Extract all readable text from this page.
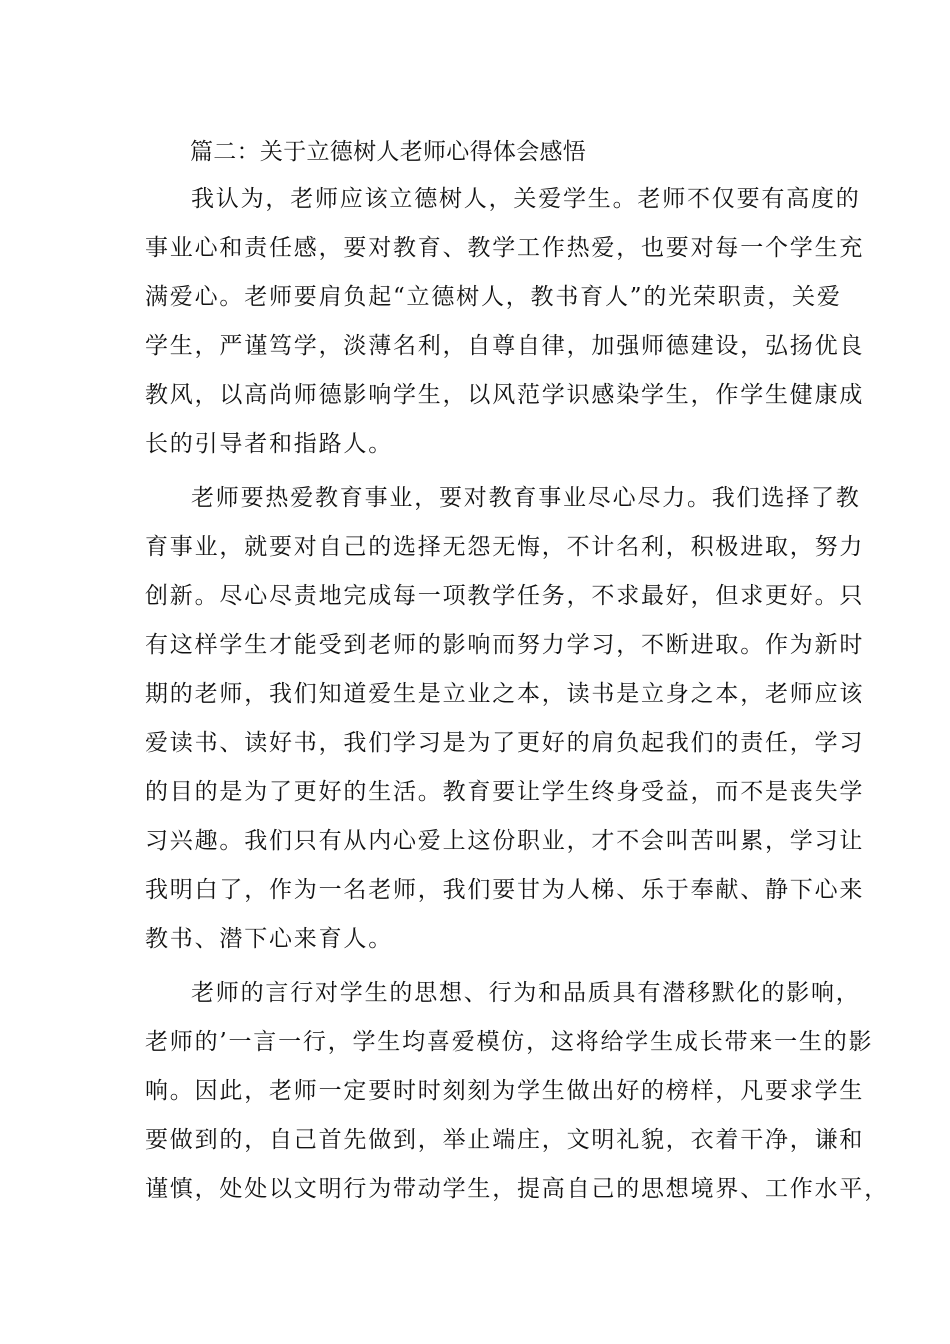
篇二：关于立德树人老师心得体会感悟
我认为，老师应该立德树人，关爱学生。老师不仅要有高度的
事业心和责任感，要对教育、教学工作热爱，也要对每一个学生充
满爱心。老师要肩负起“立德树人，教书育人”的光荣职责，关爱
学生，严谨笃学，淡薄名利，自尊自律，加强师德建设，弘扬优良
教风，以高尚师德影响学生，以风范学识感染学生，作学生健康成
长的引导者和指路人。
老师要热爱教育事业，要对教育事业尽心尽力。我们选择了教
育事业，就要对自己的选择无怨无悔，不计名利，积极进取，努力
创新。尽心尽责地完成每一项教学任务，不求最好，但求更好。只
有这样学生才能受到老师的影响而努力学习，不断进取。作为新时
期的老师，我们知道爱生是立业之本，读书是立身之本，老师应该
爱读书、读好书，我们学习是为了更好的肩负起我们的责任，学习
的目的是为了更好的生活。教育要让学生终身受益，而不是丧失学
习兴趣。我们只有从内心爱上这份职业，才不会叫苦叫累，学习让
我明白了，作为一名老师，我们要甘为人梯、乐于奉献、静下心来
教书、潜下心来育人。
老师的言行对学生的思想、行为和品质具有潜移默化的影响，
老师的’一言一行，学生均喜爱模仿，这将给学生成长带来一生的影
响。因此，老师一定要时时刻刻为学生做出好的榜样，凡要求学生
要做到的，自己首先做到，举止端庄，文明礼貌，衣着干净，谦和
谨慎，处处以文明行为带动学生，提高自己的思想境界、工作水平，
